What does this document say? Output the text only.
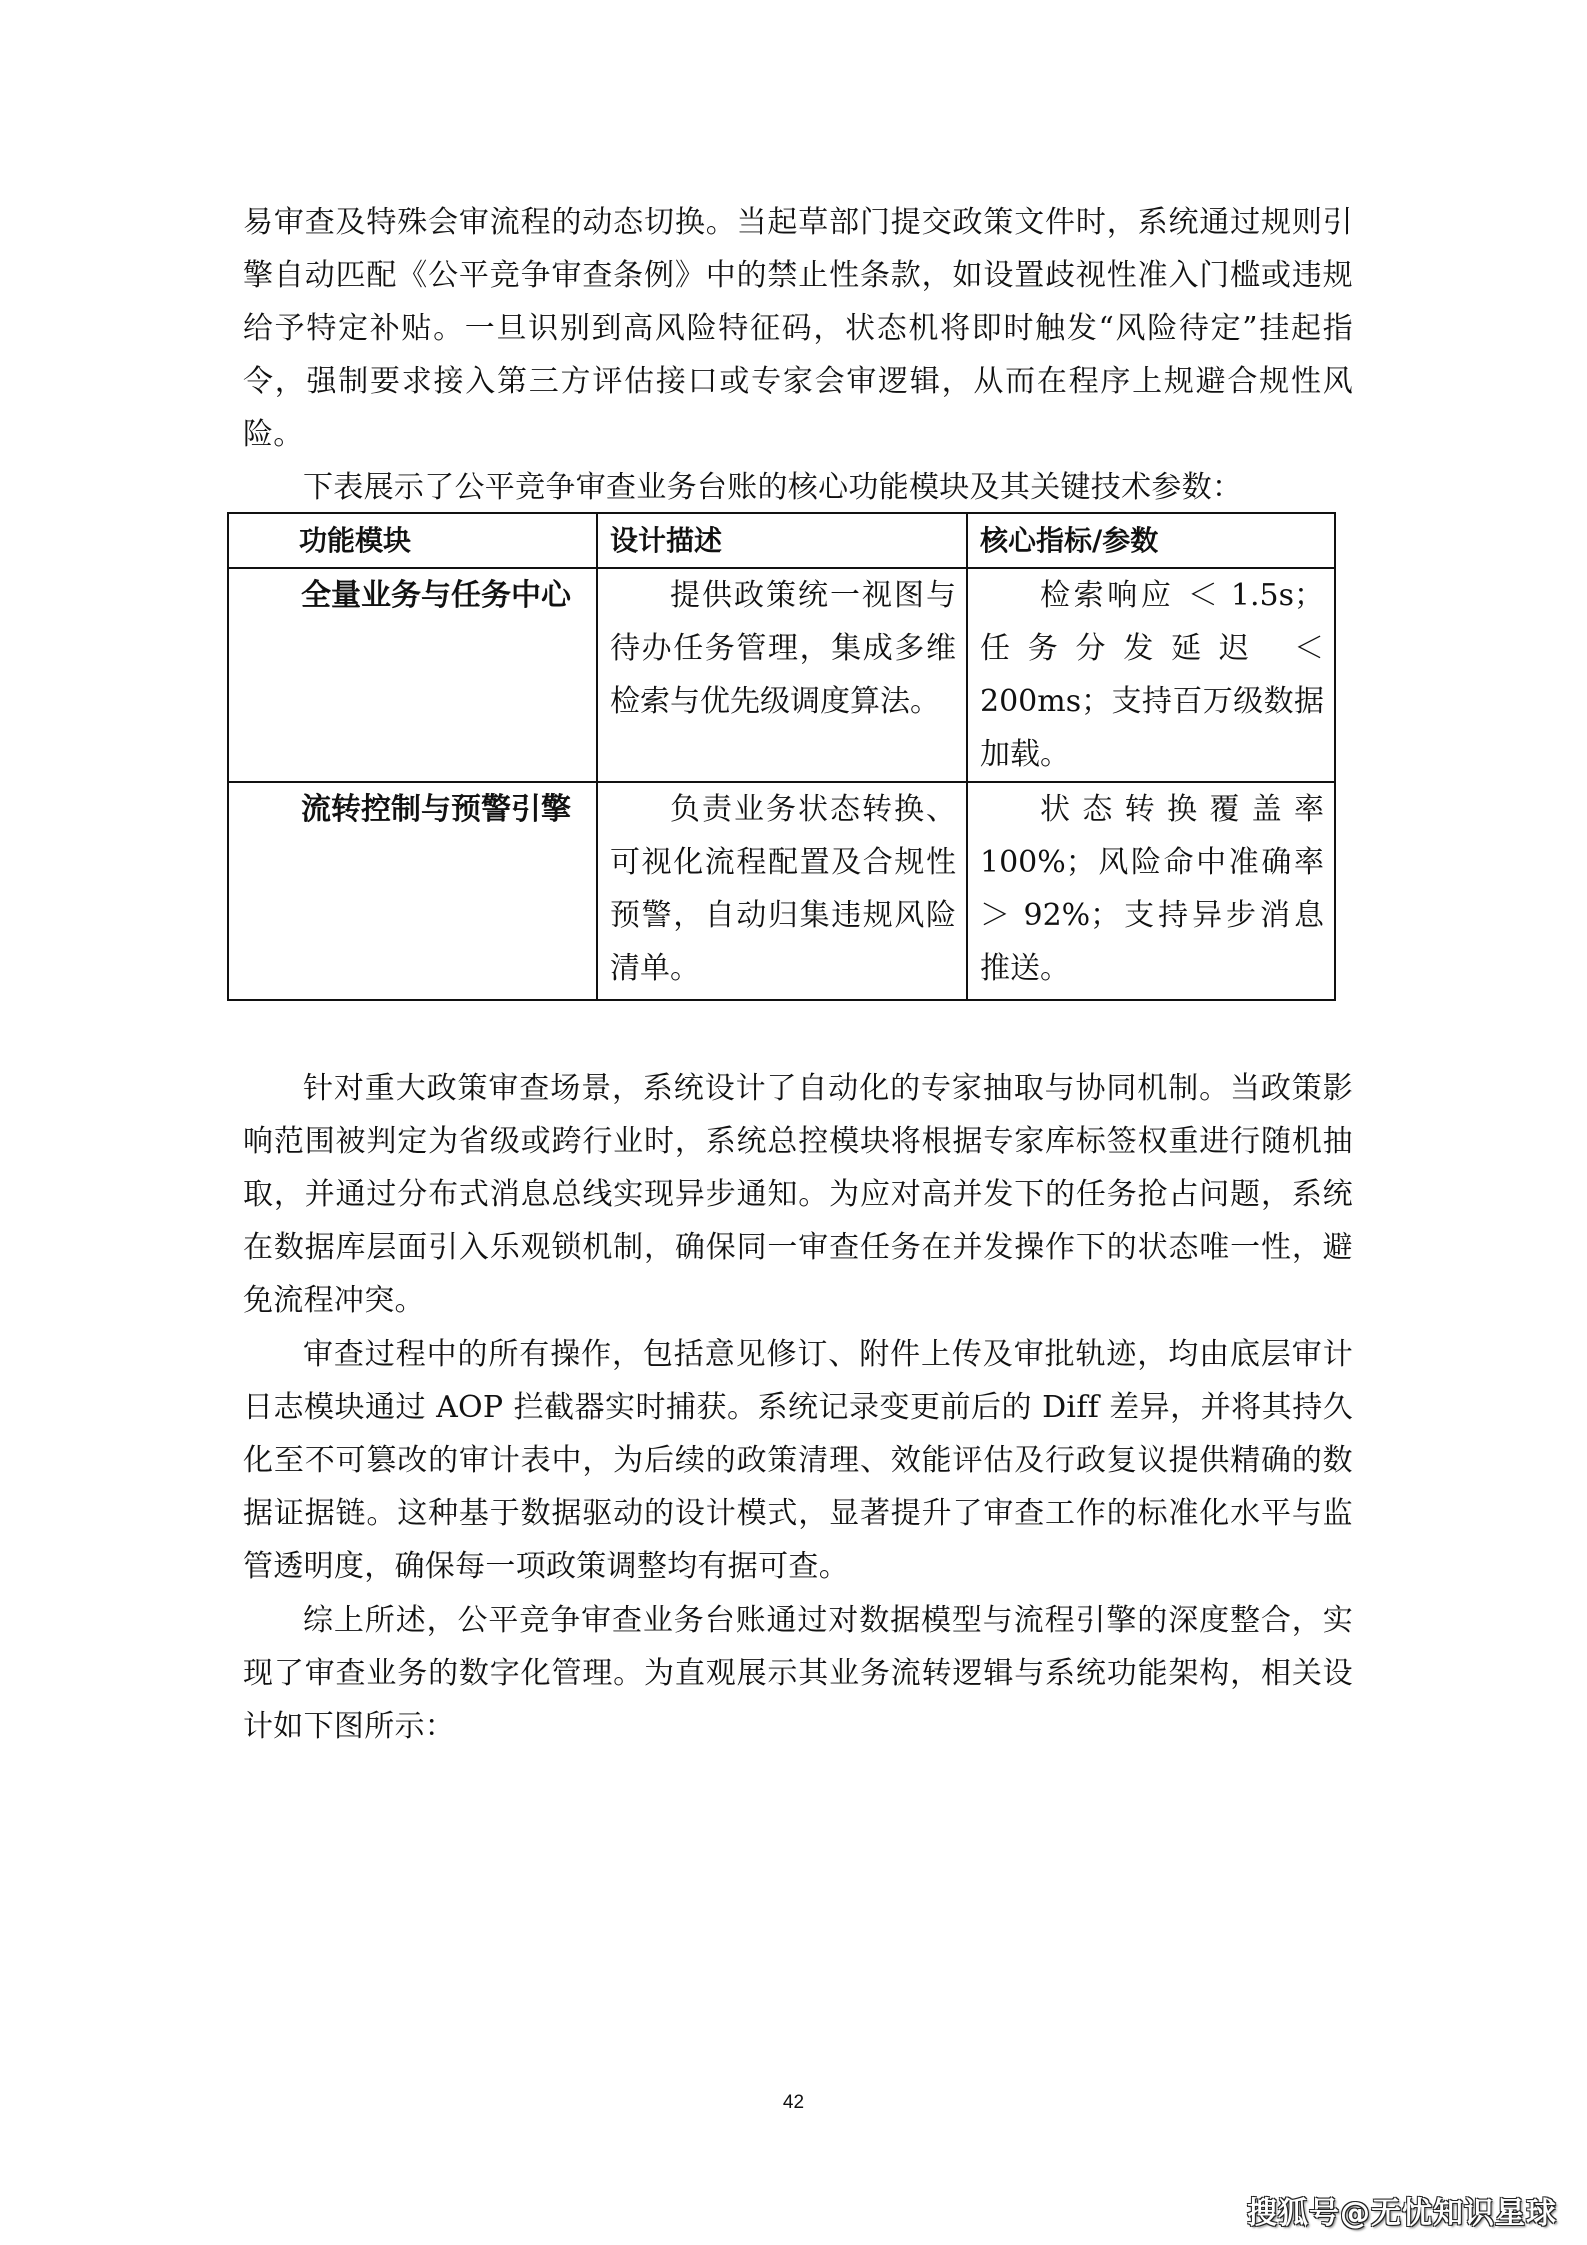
易审查及特殊会审流程的动态切换。当起草部门提交政策文件时，系统通过规则引擎自动匹配《公平竞争审查条例》中的禁止性条款，如设置歧视性准入门槛或违规给予特定补贴。一旦识别到高风险特征码，状态机将即时触发“风险待定”挂起指令，强制要求接入第三方评估接口或专家会审逻辑，从而在程序上规避合规性风险。

下表展示了公平竞争审查业务台账的核心功能模块及其关键技术参数：

功能模块	设计描述	核心指标/参数
全量业务与任务中心	提供政策统一视图与待办任务管理，集成多维检索与优先级调度算法。	检索响应 ＜ 1.5s；任务分发延迟 ＜ 200ms；支持百万级数据加载。
流转控制与预警引擎	负责业务状态转换、可视化流程配置及合规性预警，自动归集违规风险清单。	状态转换覆盖率 100%；风险命中准确率 ＞ 92%；支持异步消息推送。

针对重大政策审查场景，系统设计了自动化的专家抽取与协同机制。当政策影响范围被判定为省级或跨行业时，系统总控模块将根据专家库标签权重进行随机抽取，并通过分布式消息总线实现异步通知。为应对高并发下的任务抢占问题，系统在数据库层面引入乐观锁机制，确保同一审查任务在并发操作下的状态唯一性，避免流程冲突。

审查过程中的所有操作，包括意见修订、附件上传及审批轨迹，均由底层审计日志模块通过 AOP 拦截器实时捕获。系统记录变更前后的 Diff 差异，并将其持久化至不可篡改的审计表中，为后续的政策清理、效能评估及行政复议提供精确的数据证据链。这种基于数据驱动的设计模式，显著提升了审查工作的标准化水平与监管透明度，确保每一项政策调整均有据可查。

综上所述，公平竞争审查业务台账通过对数据模型与流程引擎的深度整合，实现了审查业务的数字化管理。为直观展示其业务流转逻辑与系统功能架构，相关设计如下图所示：

42
搜狐号@无忧知识星球
